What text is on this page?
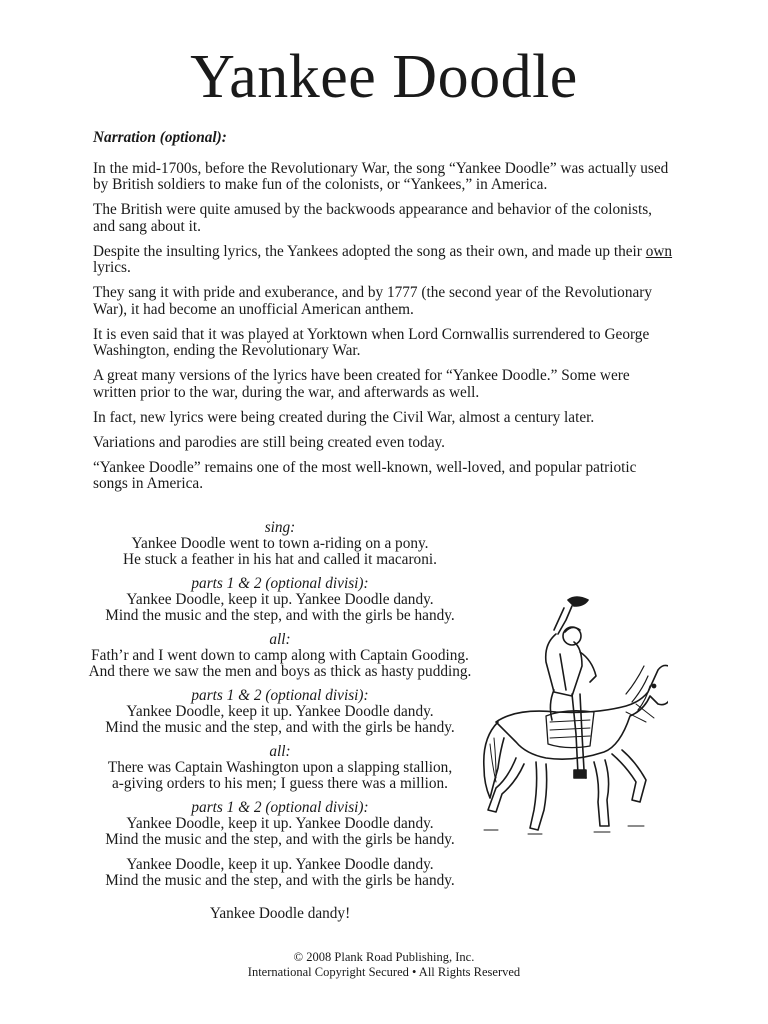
Yankee Doodle

Narration (optional):

In the mid-1700s, before the Revolutionary War, the song “Yankee Doodle” was actually used by British soldiers to make fun of the colonists, or “Yankees,” in America.

The British were quite amused by the backwoods appearance and behavior of the colonists, and sang about it.

Despite the insulting lyrics, the Yankees adopted the song as their own, and made up their own lyrics.

They sang it with pride and exuberance, and by 1777 (the second year of the Revolutionary War), it had become an unofficial American anthem.

It is even said that it was played at Yorktown when Lord Cornwallis surrendered to George Washington, ending the Revolutionary War.

A great many versions of the lyrics have been created for “Yankee Doodle.” Some were written prior to the war, during the war, and afterwards as well.

In fact, new lyrics were being created during the Civil War, almost a century later.

Variations and parodies are still being created even today.

“Yankee Doodle” remains one of the most well-known, well-loved, and popular patriotic songs in America.

sing:
Yankee Doodle went to town a-riding on a pony.
He stuck a feather in his hat and called it macaroni.
parts 1 & 2 (optional divisi):
Yankee Doodle, keep it up. Yankee Doodle dandy.
Mind the music and the step, and with the girls be handy.
all:
Fath’r and I went down to camp along with Captain Gooding.
And there we saw the men and boys as thick as hasty pudding.
parts 1 & 2 (optional divisi):
Yankee Doodle, keep it up. Yankee Doodle dandy.
Mind the music and the step, and with the girls be handy.
all:
There was Captain Washington upon a slapping stallion,
a-giving orders to his men; I guess there was a million.
parts 1 & 2 (optional divisi):
Yankee Doodle, keep it up. Yankee Doodle dandy.
Mind the music and the step, and with the girls be handy.
Yankee Doodle, keep it up. Yankee Doodle dandy.
Mind the music and the step, and with the girls be handy.
Yankee Doodle dandy!
© 2008 Plank Road Publishing, Inc.
International Copyright Secured • All Rights Reserved
